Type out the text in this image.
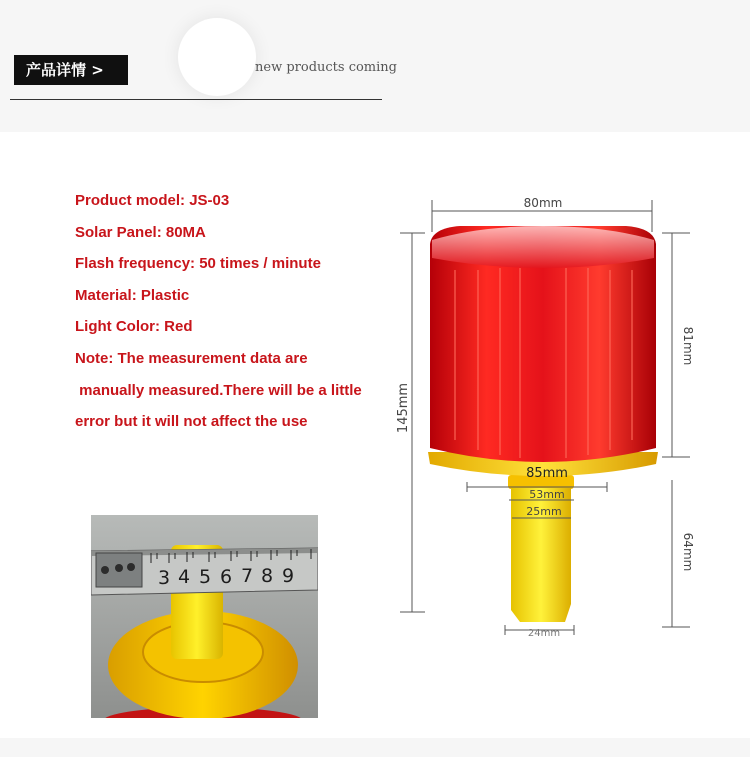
产品详情 >	new products coming
Product model: JS-03
Solar Panel: 80MA
Flash frequency: 50 times / minute
Material: Plastic
Light Color: Red
Note: The measurement data are
manually measured.There will be a little
error but it will not affect the use
3 4 5 6 7 8 9
80mm
85mm
53mm
25mm
24mm
145mm
81mm
64mm
